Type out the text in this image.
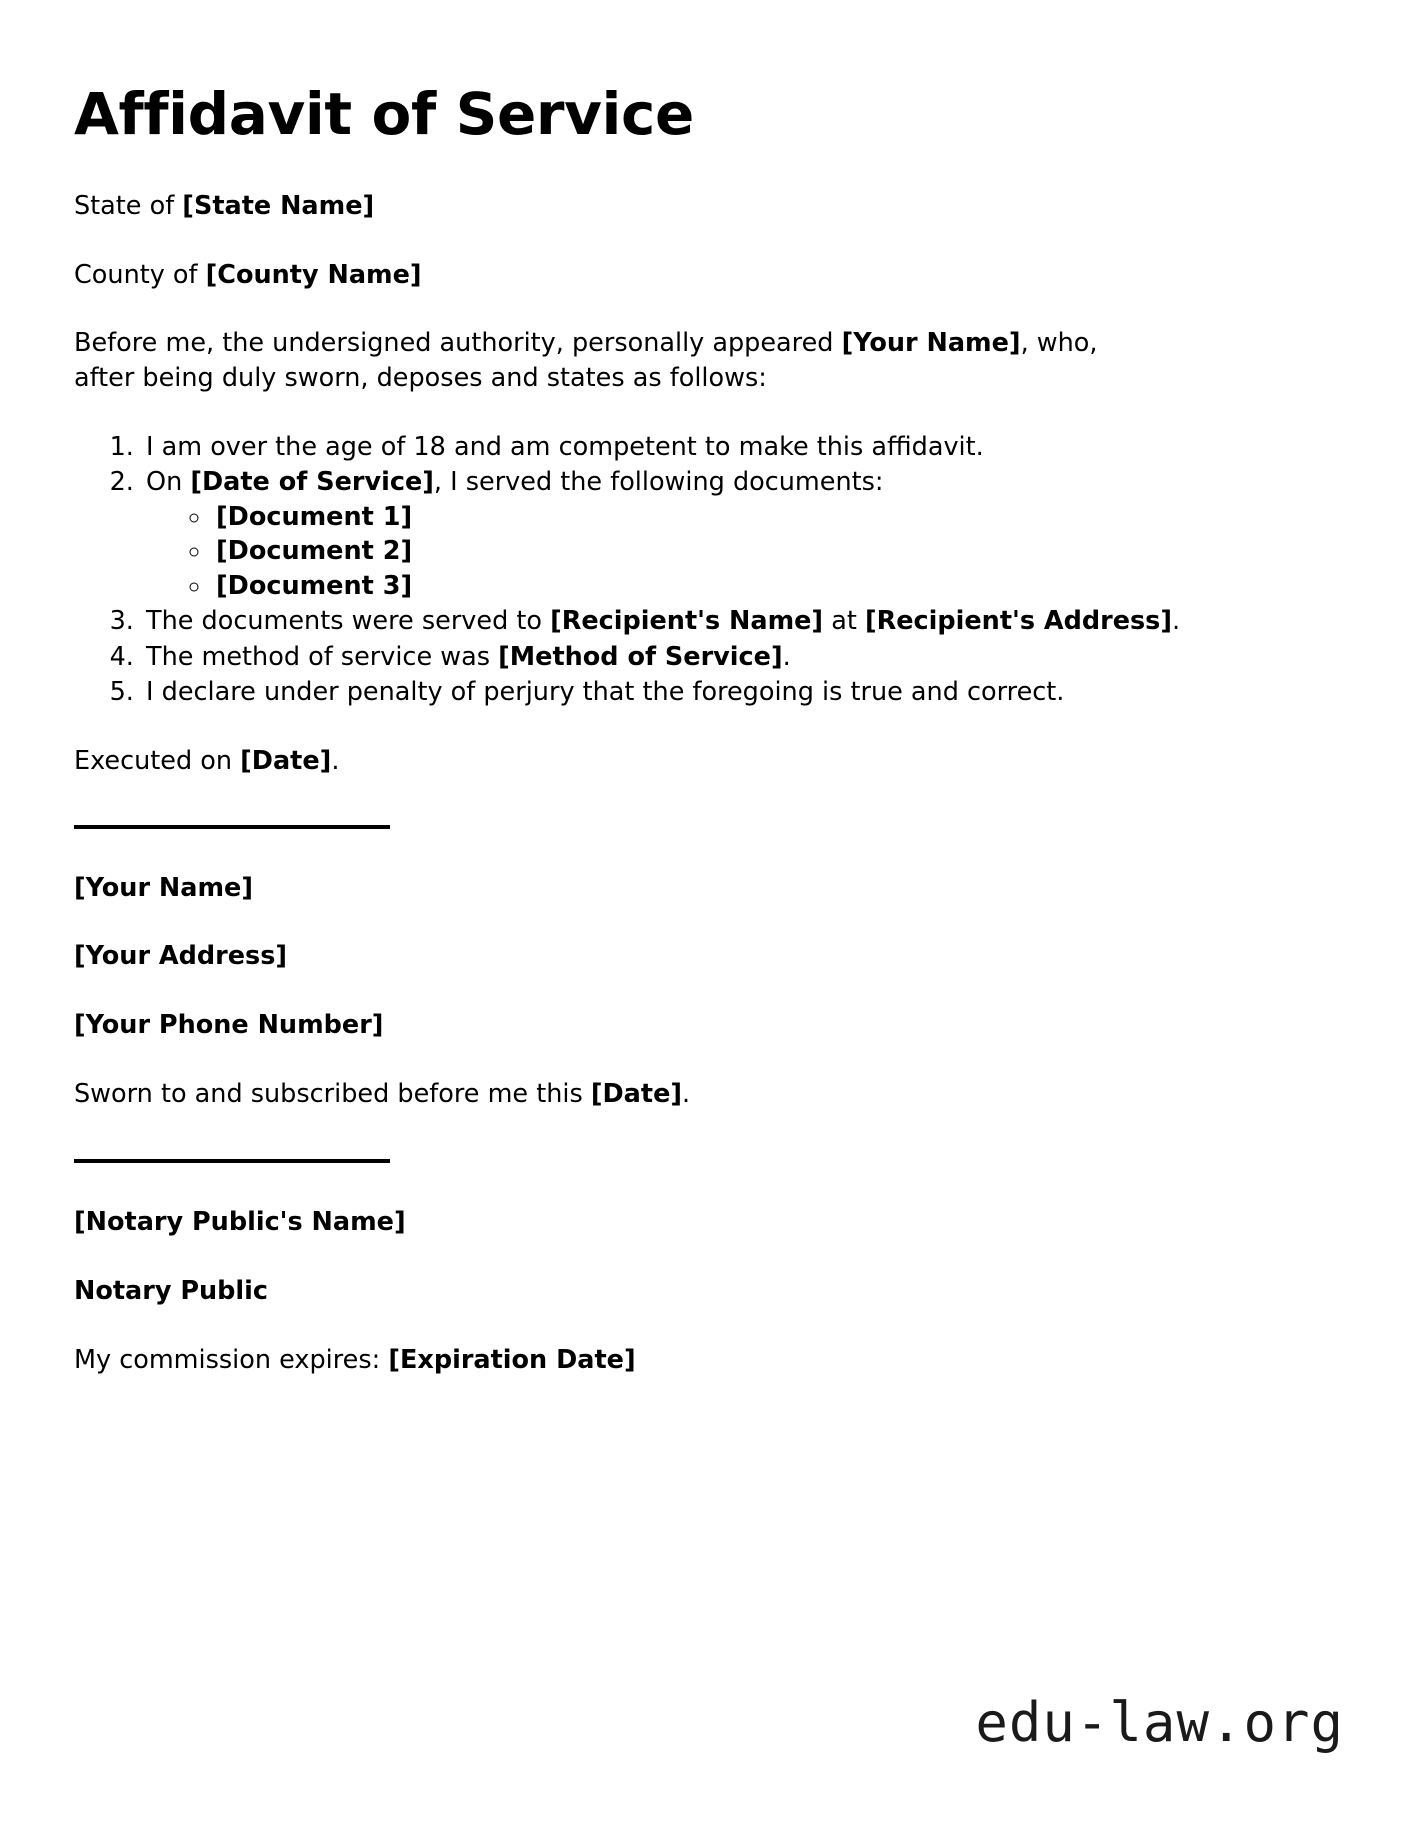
Affidavit of Service

State of [State Name]

County of [County Name]

Before me, the undersigned authority, personally appeared [Your Name], who, after being duly sworn, deposes and states as follows:

1. I am over the age of 18 and am competent to make this affidavit.
2. On [Date of Service], I served the following documents:
◦ [Document 1]
◦ [Document 2]
◦ [Document 3]
3. The documents were served to [Recipient's Name] at [Recipient's Address].
4. The method of service was [Method of Service].
5. I declare under penalty of perjury that the foregoing is true and correct.

Executed on [Date].

[Your Name]

[Your Address]

[Your Phone Number]

Sworn to and subscribed before me this [Date].

[Notary Public's Name]

Notary Public

My commission expires: [Expiration Date]

edu-law.org
